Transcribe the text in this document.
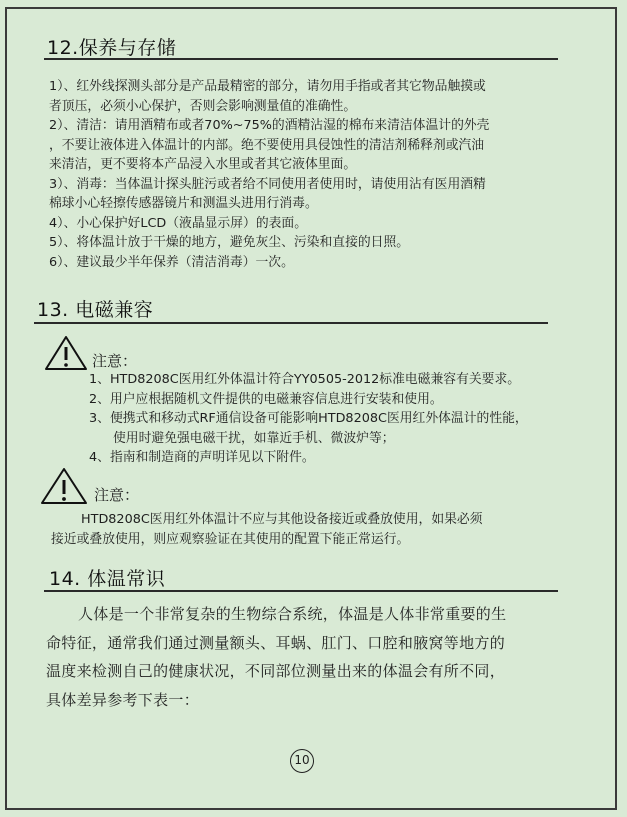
12.保养与存储
1）、红外线探测头部分是产品最精密的部分，请勿用手指或者其它物品触摸或
者顶压，必须小心保护，否则会影响测量值的准确性。
2）、清洁：请用酒精布或者70%~75%的酒精沾湿的棉布来清洁体温计的外壳
，不要让液体进入体温计的内部。绝不要使用具侵蚀性的清洁剂稀释剂或汽油
来清洁，更不要将本产品浸入水里或者其它液体里面。
3）、消毒：当体温计探头脏污或者给不同使用者使用时，请使用沾有医用酒精
棉球小心轻擦传感器镜片和测温头进用行消毒。
4）、小心保护好LCD（液晶显示屏）的表面。
5）、将体温计放于干燥的地方，避免灰尘、污染和直接的日照。
6）、建议最少半年保养（清洁消毒）一次。
13. 电磁兼容
注意：
1、HTD8208C医用红外体温计符合YY0505-2012标准电磁兼容有关要求。
2、用户应根据随机文件提供的电磁兼容信息进行安装和使用。
3、便携式和移动式RF通信设备可能影响HTD8208C医用红外体温计的性能，
使用时避免强电磁干扰，如靠近手机、微波炉等；
4、指南和制造商的声明详见以下附件。
注意：
HTD8208C医用红外体温计不应与其他设备接近或叠放使用，如果必须
接近或叠放使用，则应观察验证在其使用的配置下能正常运行。
14. 体温常识
人体是一个非常复杂的生物综合系统，体温是人体非常重要的生
命特征，通常我们通过测量额头、耳蜗、肛门、口腔和腋窝等地方的
温度来检测自己的健康状况，不同部位测量出来的体温会有所不同，
具体差异参考下表一：
10
